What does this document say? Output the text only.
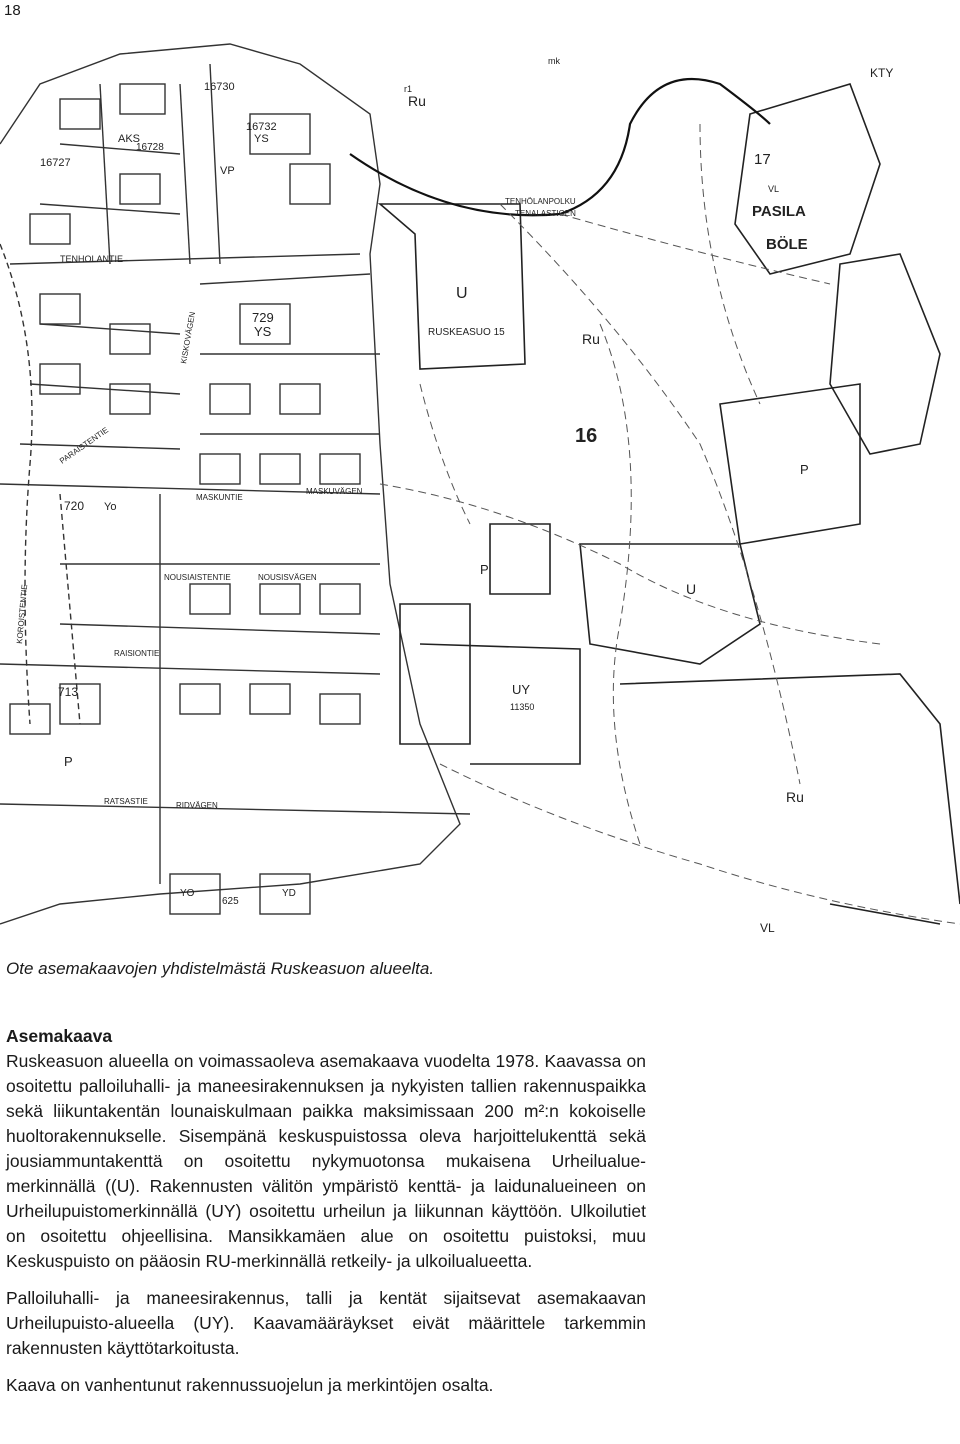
18
Ru
Ru
Ru
U
RUSKEASUO 15
16
U
UY
11350
PASILA
BÖLE
VL
VL
KTY
17
P
P
P
VP
729
YS
720 Yo
713
16730
16732
16727
16728
YS
AKS
YO	YD
625
TENHOLANTIE
TENHÖLANPOLKU
TENALASTIGEN
MASKUNTIE
MASKUVÄGEN
NOUSIAISTENTIE	NOUSISVÄGEN
RAISIONTIE
RATSASTIE	RIDVÄGEN
KISKOVÄGEN
KOROISTENTIE
PARAISTENTIE
r1
mk
Ote asemakaavojen yhdistelmästä Ruskeasuon alueelta.
Asemakaava

Ruskeasuon alueella on voimassaoleva asemakaava vuodelta 1978. Kaavassa on osoitettu palloiluhalli- ja maneesirakennuksen ja nykyisten tallien rakennuspaikka sekä liikuntakentän lounaiskulmaan paikka maksimissaan 200 m²:n kokoiselle huoltorakennukselle. Sisempänä keskuspuistossa oleva harjoittelukenttä sekä jousiammuntakenttä on osoitettu nykymuotonsa mukaisena Urheilualue-merkinnällä ((U). Rakennusten välitön ympäristö kenttä- ja laidunalueineen on Urheilupuistomerkinnällä (UY) osoitettu urheilun ja liikunnan käyttöön. Ulkoilutiet on osoitettu ohjeellisina. Mansikkamäen alue on osoitettu puistoksi, muu Keskuspuisto on pääosin RU-merkinnällä retkeily- ja ulkoilualueetta.

Palloiluhalli- ja maneesirakennus, talli ja kentät sijaitsevat asemakaavan Urheilupuisto-alueella (UY). Kaavamääräykset eivät määrittele tarkemmin rakennusten käyttötarkoitusta.

Kaava on vanhentunut rakennussuojelun ja merkintöjen osalta.
